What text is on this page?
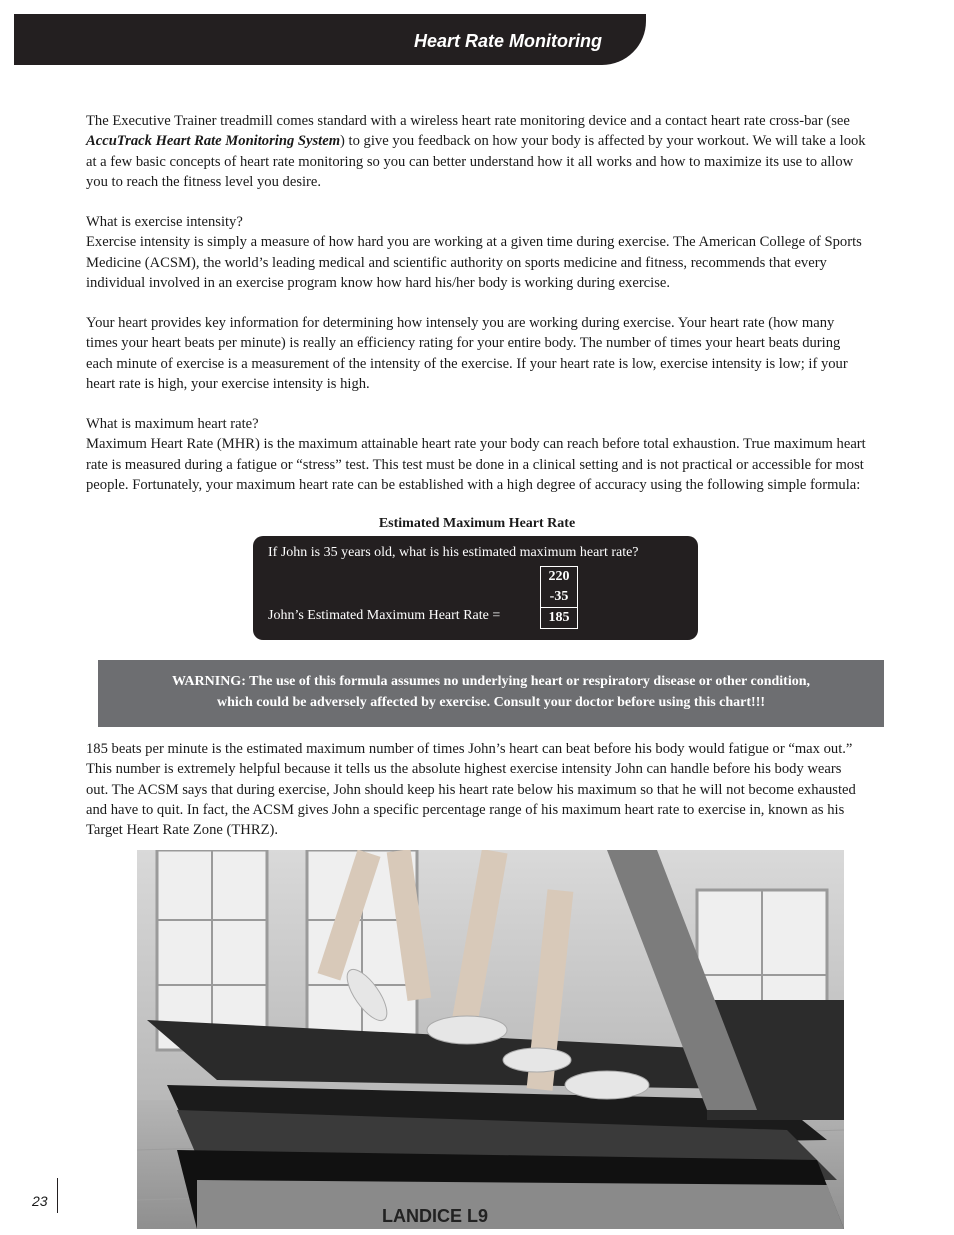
Heart Rate Monitoring

The Executive Trainer treadmill comes standard with a wireless heart rate monitoring device and a contact heart rate cross-bar (see AccuTrack Heart Rate Monitoring System) to give you feedback on how your body is affected by your workout. We will take a look at a few basic concepts of heart rate monitoring so you can better understand how it all works and how to maximize its use to allow you to reach the fitness level you desire.

What is exercise intensity?

Exercise intensity is simply a measure of how hard you are working at a given time during exercise. The American College of Sports Medicine (ACSM), the world’s leading medical and scientific authority on sports medicine and fitness, recommends that every individual involved in an exercise program know how hard his/her body is working during exercise.

Your heart provides key information for determining how intensely you are working during exercise. Your heart rate (how many times your heart beats per minute) is really an efficiency rating for your entire body. The number of times your heart beats during each minute of exercise is a measurement of the intensity of the exercise. If your heart rate is low, exercise intensity is low; if your heart rate is high, your exercise intensity is high.

What is maximum heart rate?

Maximum Heart Rate (MHR) is the maximum attainable heart rate your body can reach before total exhaustion. True maximum heart rate is measured during a fatigue or “stress” test. This test must be done in a clinical setting and is not practical or accessible for most people. Fortunately, your maximum heart rate can be established with a high degree of accuracy using the following simple formula:

Estimated Maximum Heart Rate
If John is 35 years old, what is his estimated maximum heart rate?
220
-35
185
John’s Estimated Maximum Heart Rate =
WARNING: The use of this formula assumes no underlying heart or respiratory disease or other condition,
which could be adversely affected by exercise. Consult your doctor before using this chart!!!

185 beats per minute is the estimated maximum number of times John’s heart can beat before his body would fatigue or “max out.” This number is extremely helpful because it tells us the absolute highest exercise intensity John can handle before his body wears out. The ACSM says that during exercise, John should keep his heart rate below his maximum so that he will not become exhausted and have to quit. In fact, the ACSM gives John a specific percentage range of his maximum heart rate to exercise in, known as his Target Heart Rate Zone (THRZ).

LANDICE L9
23
